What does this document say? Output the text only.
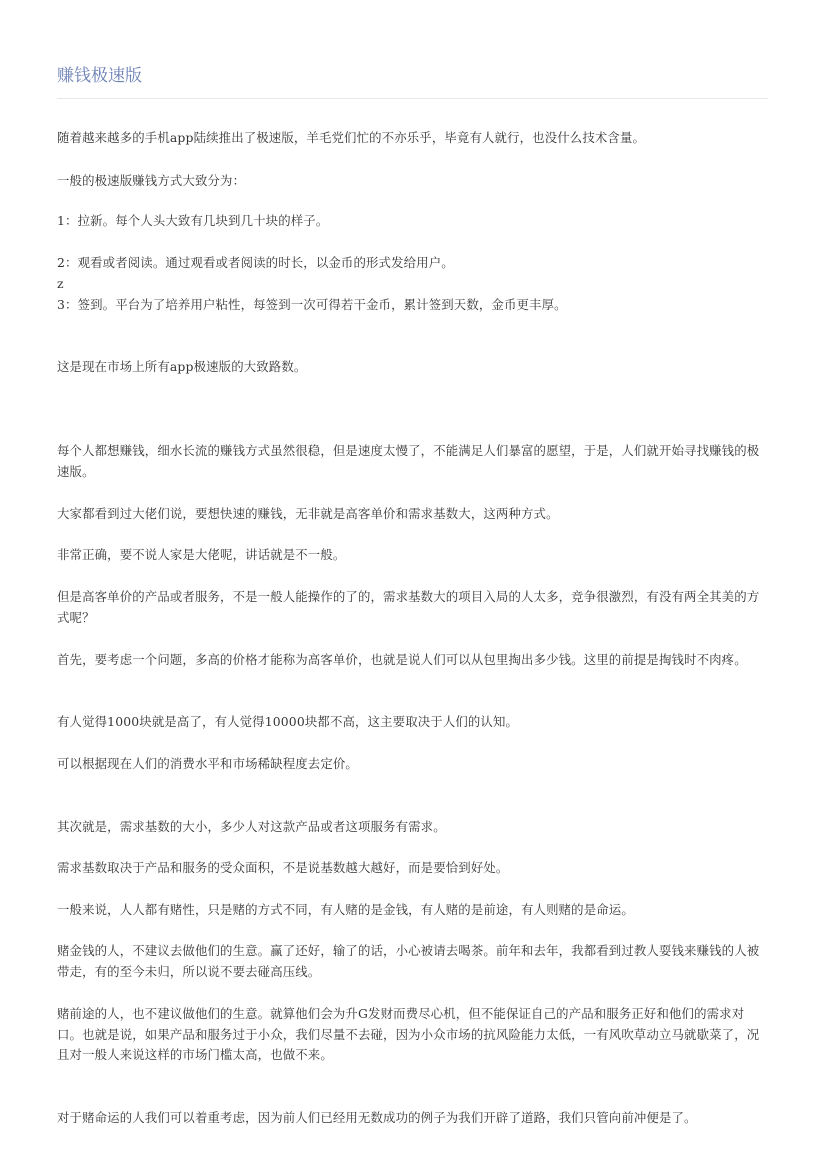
赚钱极速版

随着越来越多的手机app陆续推出了极速版，羊毛党们忙的不亦乐乎，毕竟有人就行，也没什么技术含量。

一般的极速版赚钱方式大致分为：

1：拉新。每个人头大致有几块到几十块的样子。

2：观看或者阅读。通过观看或者阅读的时长，以金币的形式发给用户。

z

3：签到。平台为了培养用户粘性，每签到一次可得若干金币，累计签到天数，金币更丰厚。

这是现在市场上所有app极速版的大致路数。

每个人都想赚钱，细水长流的赚钱方式虽然很稳，但是速度太慢了，不能满足人们暴富的愿望，于是，人们就开始寻找赚钱的极速版。

大家都看到过大佬们说，要想快速的赚钱，无非就是高客单价和需求基数大，这两种方式。

非常正确，要不说人家是大佬呢，讲话就是不一般。

但是高客单价的产品或者服务，不是一般人能操作的了的，需求基数大的项目入局的人太多，竞争很激烈，有没有两全其美的方式呢？

首先，要考虑一个问题，多高的价格才能称为高客单价，也就是说人们可以从包里掏出多少钱。这里的前提是掏钱时不肉疼。

有人觉得1000块就是高了，有人觉得10000块都不高，这主要取决于人们的认知。

可以根据现在人们的消费水平和市场稀缺程度去定价。

其次就是，需求基数的大小，多少人对这款产品或者这项服务有需求。

需求基数取决于产品和服务的受众面积，不是说基数越大越好，而是要恰到好处。

一般来说，人人都有赌性，只是赌的方式不同，有人赌的是金钱，有人赌的是前途，有人则赌的是命运。

赌金钱的人，不建议去做他们的生意。赢了还好，输了的话，小心被请去喝茶。前年和去年，我都看到过教人耍钱来赚钱的人被带走，有的至今未归，所以说不要去碰高压线。

赌前途的人，也不建议做他们的生意。就算他们会为升G发财而费尽心机，但不能保证自己的产品和服务正好和他们的需求对口。也就是说，如果产品和服务过于小众，我们尽量不去碰，因为小众市场的抗风险能力太低，一有风吹草动立马就歇菜了，况且对一般人来说这样的市场门槛太高，也做不来。

对于赌命运的人我们可以着重考虑，因为前人们已经用无数成功的例子为我们开辟了道路，我们只管向前冲便是了。
